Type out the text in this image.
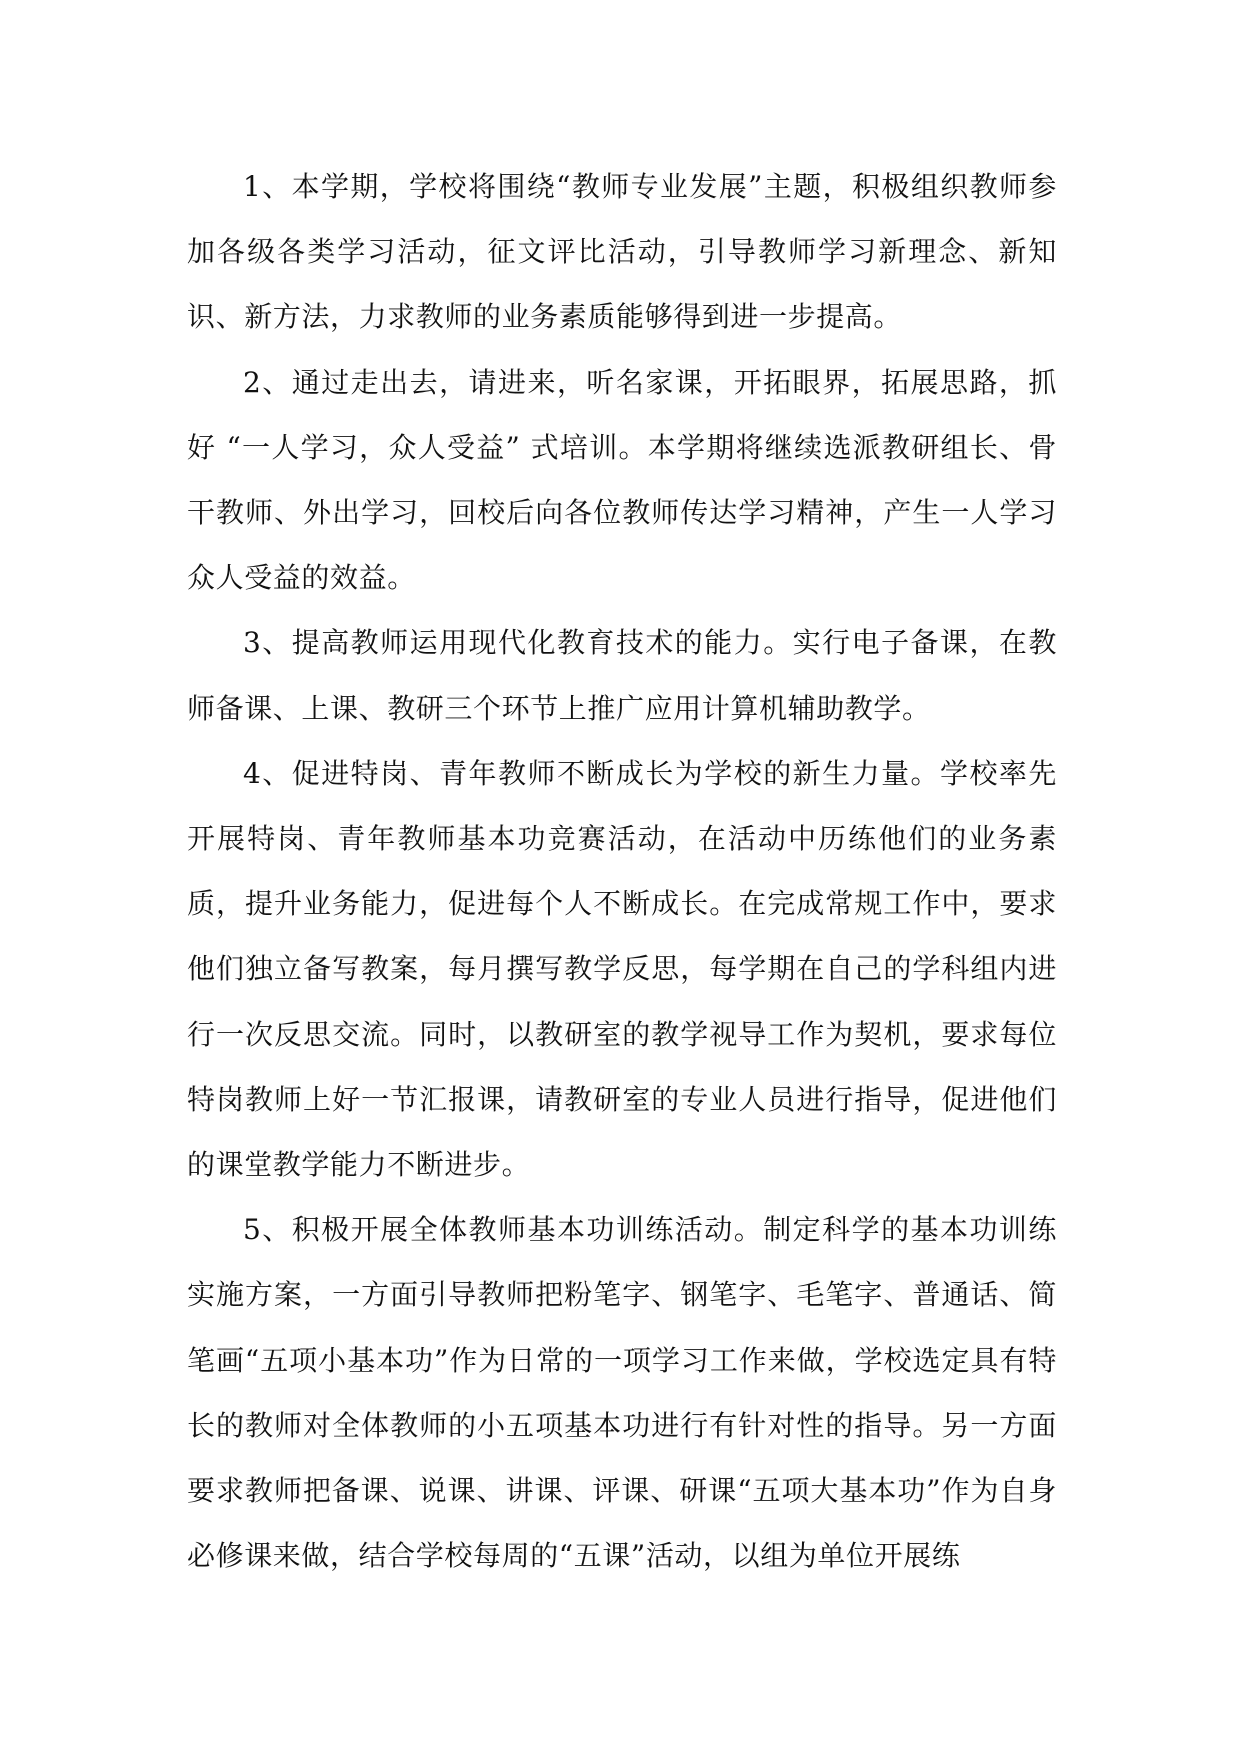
1、本学期，学校将围绕“教师专业发展”主题，积极组织教师参加各级各类学习活动，征文评比活动，引导教师学习新理念、新知识、新方法，力求教师的业务素质能够得到进一步提高。

2、通过走出去，请进来，听名家课，开拓眼界，拓展思路，抓好 “一人学习，众人受益” 式培训。本学期将继续选派教研组长、骨干教师、外出学习，回校后向各位教师传达学习精神，产生一人学习众人受益的效益。

3、提高教师运用现代化教育技术的能力。实行电子备课，在教师备课、上课、教研三个环节上推广应用计算机辅助教学。

4、促进特岗、青年教师不断成长为学校的新生力量。学校率先开展特岗、青年教师基本功竞赛活动，在活动中历练他们的业务素质，提升业务能力，促进每个人不断成长。在完成常规工作中，要求他们独立备写教案，每月撰写教学反思，每学期在自己的学科组内进行一次反思交流。同时，以教研室的教学视导工作为契机，要求每位特岗教师上好一节汇报课，请教研室的专业人员进行指导，促进他们的课堂教学能力不断进步。

5、积极开展全体教师基本功训练活动。制定科学的基本功训练实施方案，一方面引导教师把粉笔字、钢笔字、毛笔字、普通话、简笔画“五项小基本功”作为日常的一项学习工作来做，学校选定具有特长的教师对全体教师的小五项基本功进行有针对性的指导。另一方面要求教师把备课、说课、讲课、评课、研课“五项大基本功”作为自身必修课来做，结合学校每周的“五课”活动，以组为单位开展练
